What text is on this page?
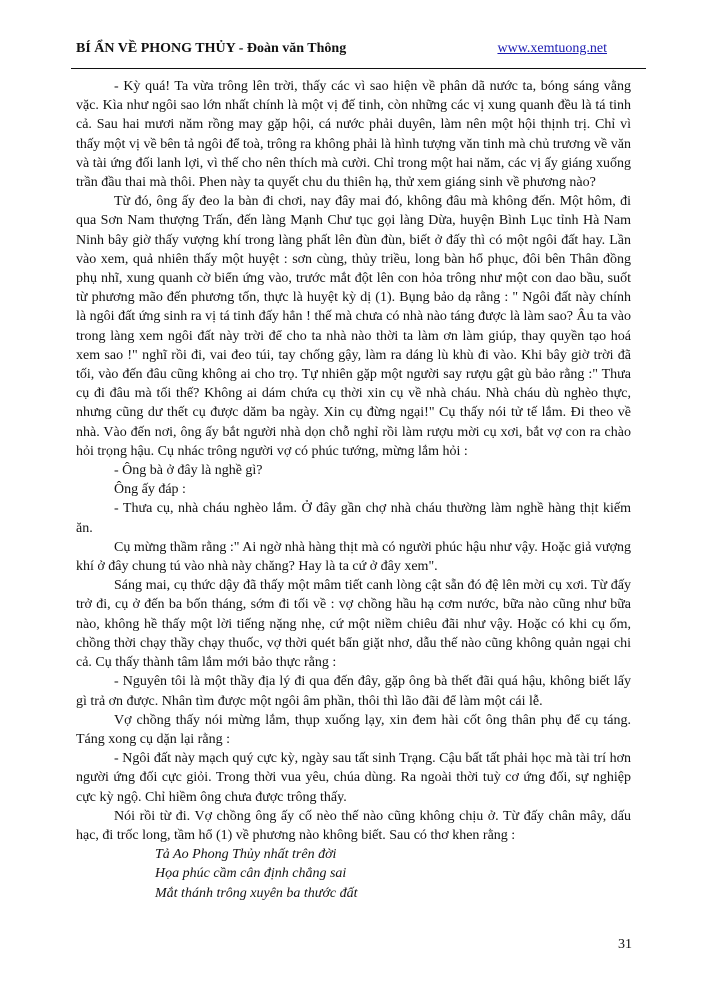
BÍ ẨN VỀ PHONG THỦY - Đoàn văn Thông	www.xemtuong.net

- Kỳ quá! Ta vừa trông lên trời, thấy các vì sao hiện về phân dã nước ta, bóng sáng vằng vặc. Kìa như ngôi sao lớn nhất chính là một vị đế tinh, còn những các vị xung quanh đều là tá tinh cả. Sau hai mươi năm rồng may gặp hội, cá nước phải duyên, làm nên một hội thịnh trị. Chỉ vì thấy một vị về bên tả ngôi để toà, trông ra không phải là hình tượng văn tinh mà chủ trương về văn và tài ứng đối lanh lợi, vì thế cho nên thích mà cười. Chỉ trong một hai năm, các vị ấy giáng xuống trần đầu thai mà thôi. Phen này ta quyết chu du thiên hạ, thử xem giáng sinh về phương nào?

Từ đó, ông ấy đeo la bàn đi chơi, nay đây mai đó, không đâu mà không đến. Một hôm, đi qua Sơn Nam thượng Trấn, đến làng Mạnh Chư tục gọi làng Dừa, huyện Bình Lục tỉnh Hà Nam Ninh bây giờ thấy vượng khí trong làng phất lên đùn đùn, biết ở đấy thì có một ngôi đất hay. Lần vào xem, quả nhiên thấy một huyệt : sơn cùng, thủy triều, long bàn hổ phục, đôi bên Thân đồng phụ nhĩ, xung quanh cờ biển ứng vào, trước mắt đột lên con hỏa trông như một con dao bầu, suốt từ phương mão đến phương tốn, thực là huyệt kỳ dị (1). Bụng bảo dạ rằng : " Ngôi đất này chính là ngôi đất ứng sinh ra vị tá tinh đấy hẳn ! thế mà chưa có nhà nào táng được là làm sao? Âu ta vào trong làng xem ngôi đất này trời để cho ta nhà nào thời ta làm ơn làm giúp, thay quyền tạo hoá xem sao !" nghĩ rồi đi, vai đeo túi, tay chống gậy, làm ra dáng lù khù đi vào. Khi bây giờ trời đã tối, vào đến đâu cũng không ai cho trọ. Tự nhiên gặp một người say rượu gật gù bảo rằng :" Thưa cụ đi đâu mà tối thế? Không ai dám chứa cụ thời xin cụ về nhà cháu. Nhà cháu dù nghèo thực, nhưng cũng dư thết cụ được dăm ba ngày. Xin cụ đừng ngại!" Cụ thấy nói tử tế lắm. Đi theo về nhà. Vào đến nơi, ông ấy bắt người nhà dọn chỗ nghỉ rồi làm rượu mời cụ xơi, bắt vợ con ra chào hỏi trọng hậu. Cụ nhác trông người vợ có phúc tướng, mừng lắm hỏi :

- Ông bà ở đây là nghề gì?

Ông ấy đáp :

- Thưa cụ, nhà cháu nghèo lắm. Ở đây gần chợ nhà cháu thường làm nghề hàng thịt kiếm ăn.

Cụ mừng thầm rằng :" Ai ngờ nhà hàng thịt mà có người phúc hậu như vậy. Hoặc giả vượng khí ở đây chung tú vào nhà này chăng? Hay là ta cứ ở đây xem".

Sáng mai, cụ thức dậy đã thấy một mâm tiết canh lòng cật sẵn đó đệ lên mời cụ xơi. Từ đấy trở đi, cụ ở đến ba bốn tháng, sớm đi tối về : vợ chồng hầu hạ cơm nước, bữa nào cũng như bữa nào, không hề thấy một lời tiếng nặng nhẹ, cứ một niềm chiêu đãi như vậy. Hoặc có khi cụ ốm, chồng thời chạy thầy chạy thuốc, vợ thời quét bẩn giặt nhơ, dẫu thế nào cũng không quản ngại chi cả. Cụ thấy thành tâm lắm mới bảo thực rằng :

- Nguyên tôi là một thầy địa lý đi qua đến đây, gặp ông bà thết đãi quá hậu, không biết lấy gì trả ơn được. Nhân tìm được một ngôi âm phần, thôi thì lão đãi để làm một cái lễ.

Vợ chồng thấy nói mừng lắm, thụp xuống lạy, xin đem hài cốt ông thân phụ để cụ táng. Táng xong cụ dặn lại rằng :

- Ngôi đất này mạch quý cực kỳ, ngày sau tất sinh Trạng. Cậu bất tất phải học mà tài trí hơn người ứng đối cực giỏi. Trong thời vua yêu, chúa dùng. Ra ngoài thời tuỳ cơ ứng đối, sự nghiệp cực kỳ ngộ. Chỉ hiềm ông chưa được trông thấy.

Nói rồi từ đi. Vợ chồng ông ấy cố nèo thế nào cũng không chịu ở. Từ đấy chân mây, dấu hạc, đi trốc long, tầm hổ (1) về phương nào không biết. Sau có thơ khen rằng :

Tả Ao Phong Thủy nhất trên đời
Họa phúc cầm cân định chẳng sai
Mắt thánh trông xuyên ba thước đất
31
